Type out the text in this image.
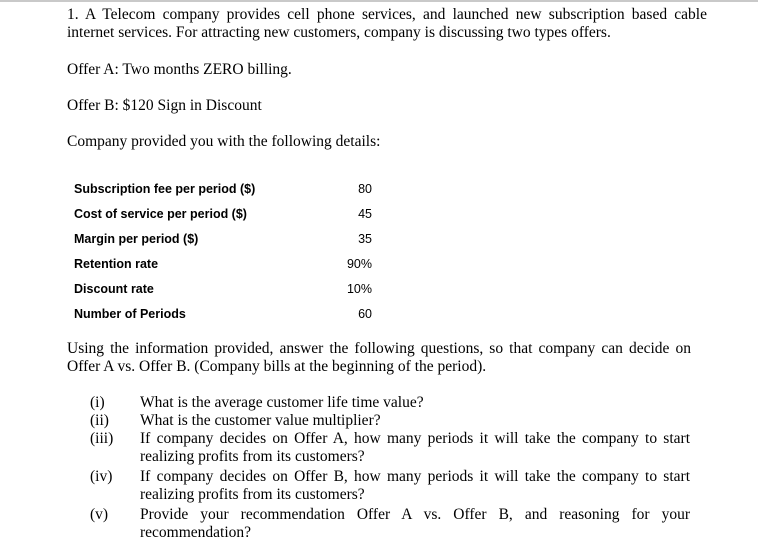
1. A Telecom company provides cell phone services, and launched new subscription based cable internet services. For attracting new customers, company is discussing two types offers.

Offer A: Two months ZERO billing.

Offer B: $120 Sign in Discount

Company provided you with the following details:

Subscription fee per period ($)	80
Cost of service per period ($)	45
Margin per period ($)	35
Retention rate	90%
Discount rate	10%
Number of Periods	60

Using the information provided, answer the following questions, so that company can decide on Offer A vs. Offer B. (Company bills at the beginning of the period).

(i)	What is the average customer life time value?
(ii)	What is the customer value multiplier?
(iii)	If company decides on Offer A, how many periods it will take the company to start realizing profits from its customers?
(iv)	If company decides on Offer B, how many periods it will take the company to start realizing profits from its customers?
(v)	Provide your recommendation Offer A vs. Offer B, and reasoning for your recommendation?
